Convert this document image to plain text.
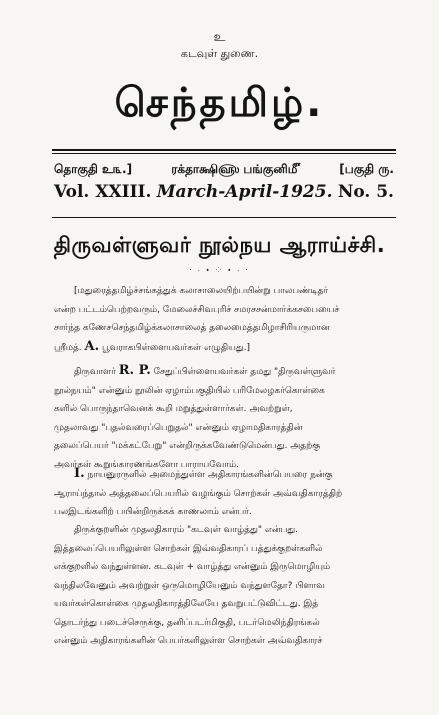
உ
கடவுள் துணை.
செந்தமிழ்.
தொகுதி உ௩.]	ரக்தாக்ஷி௵ பங்குனி௴	[பகுதி ரு.
Vol. XXIII. March-April-1925. No. 5.
திருவள்ளுவர் நூல்நய ஆராய்ச்சி.
· ⸳ ∙ ⁘ ∙ ⸳ ·
[மதுரைத்தமிழ்ச்சங்கத்துக் கலாசாலையிற்பயின்று பாலபண்டிதர்
என்ற பட்டம்பெற்றவரும், மேலைச்சிவபுரிச் சமரசசன்மார்க்கசபையைச்
சார்ந்த கணேசசெந்தமிழ்க்கலாசாலைத் தலைமைத்தமிழாசிரியருமான
ஸ்ரீமத். A. பூவராகபிள்ளையவர்கள் எழுதியது.]
திருவாளர் R. P. சேதுப்பிள்ளையவர்கள் தமது "திருவள்ளுவர்
நூல்நயம்" என்னும் நூலின் ஏழாம்பகுதியில் பரிமேலழகர்கொள்கை
களில் பொருந்தாவெனக் கூறி மறுத்துள்ளார்கள். அவற்றுள்,
முதலாவது "புதல்வரைப்பெறுதல்" என்னும் ஏழாமதிகாரத்தின்
தலைப்பெயர் "மக்கட்பேறு" என்றிருக்கவேண்டுமென்பது. அதற்கு
அவர்கள் கூறுங்காரணங்களோ பாராயவோம்.
I. நாயனுரருளில் அமைந்துள்ள அதிகாரங்களின்பெயரை நன்கு
ஆராய்ந்தால் அத்தலைப்பெயரில் வழங்கும் சொற்கள் அவ்வதிகாரத்திற்
பலஇடங்களிற் பயின்றிருக்கக் காணலாம் என்பர்.
திருக்குறளின் முதலதிகாரம் "கடவுள் வாழ்த்து" என்பது.
இத்தலைப்பெயரிலுள்ள சொற்கள் இவ்வதிகாரப் பத்துக்குறள்களில்
எக்குறளில் வந்துள்ளன. கடவுள் + வாழ்த்து என்னும் இருமொழியும்
வந்திலவேனும் அவற்றுள் ஒருமொழியேனும் வந்துளதோ? பிளாவ
யவர்கள்கொள்கை முதலதிகாரத்திலேயே தவறுபட்டுவிட்டது. இத்
தொடர்ந்து படைச்செருக்கு, தனிப்படர்மிகுதி, படர்மெலிந்திரங்கல்
என்னும் அதிகாரங்களின் பெயர்களிலுள்ள சொற்கள் அவ்வதிகாரச்
